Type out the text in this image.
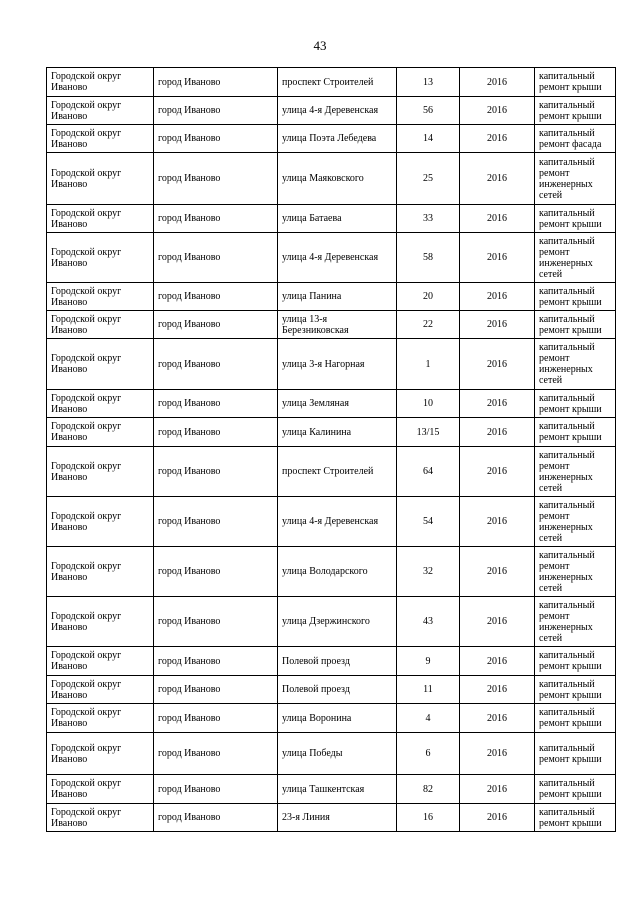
43
Городской округ Иваново	город Иваново	проспект Строителей	13	2016	капитальный ремонт крыши

Городской округ Иваново	город Иваново	улица 4-я Деревенская	56	2016	капитальный ремонт крыши

Городской округ Иваново	город Иваново	улица Поэта Лебедева	14	2016	капитальный ремонт фасада

Городской округ Иваново	город Иваново	улица Маяковского	25	2016	капитальный ремонт инженерных сетей

Городской округ Иваново	город Иваново	улица Батаева	33	2016	капитальный ремонт крыши

Городской округ Иваново	город Иваново	улица 4-я Деревенская	58	2016	капитальный ремонт инженерных сетей

Городской округ Иваново	город Иваново	улица Панина	20	2016	капитальный ремонт крыши

Городской округ Иваново	город Иваново	улица 13-я Березниковская	22	2016	капитальный ремонт крыши

Городской округ Иваново	город Иваново	улица 3-я Нагорная	1	2016	капитальный ремонт инженерных сетей

Городской округ Иваново	город Иваново	улица Земляная	10	2016	капитальный ремонт крыши

Городской округ Иваново	город Иваново	улица Калинина	13/15	2016	капитальный ремонт крыши

Городской округ Иваново	город Иваново	проспект Строителей	64	2016	капитальный ремонт инженерных сетей

Городской округ Иваново	город Иваново	улица 4-я Деревенская	54	2016	капитальный ремонт инженерных сетей

Городской округ Иваново	город Иваново	улица Володарского	32	2016	капитальный ремонт инженерных сетей

Городской округ Иваново	город Иваново	улица Дзержинского	43	2016	капитальный ремонт инженерных сетей

Городской округ Иваново	город Иваново	Полевой проезд	9	2016	капитальный ремонт крыши

Городской округ Иваново	город Иваново	Полевой проезд	11	2016	капитальный ремонт крыши

Городской округ Иваново	город Иваново	улица Воронина	4	2016	капитальный ремонт крыши

Городской округ Иваново	город Иваново	улица Победы	6	2016	капитальный ремонт крыши

Городской округ Иваново	город Иваново	улица Ташкентская	82	2016	капитальный ремонт крыши

Городской округ Иваново	город Иваново	23-я Линия	16	2016	капитальный ремонт крыши
